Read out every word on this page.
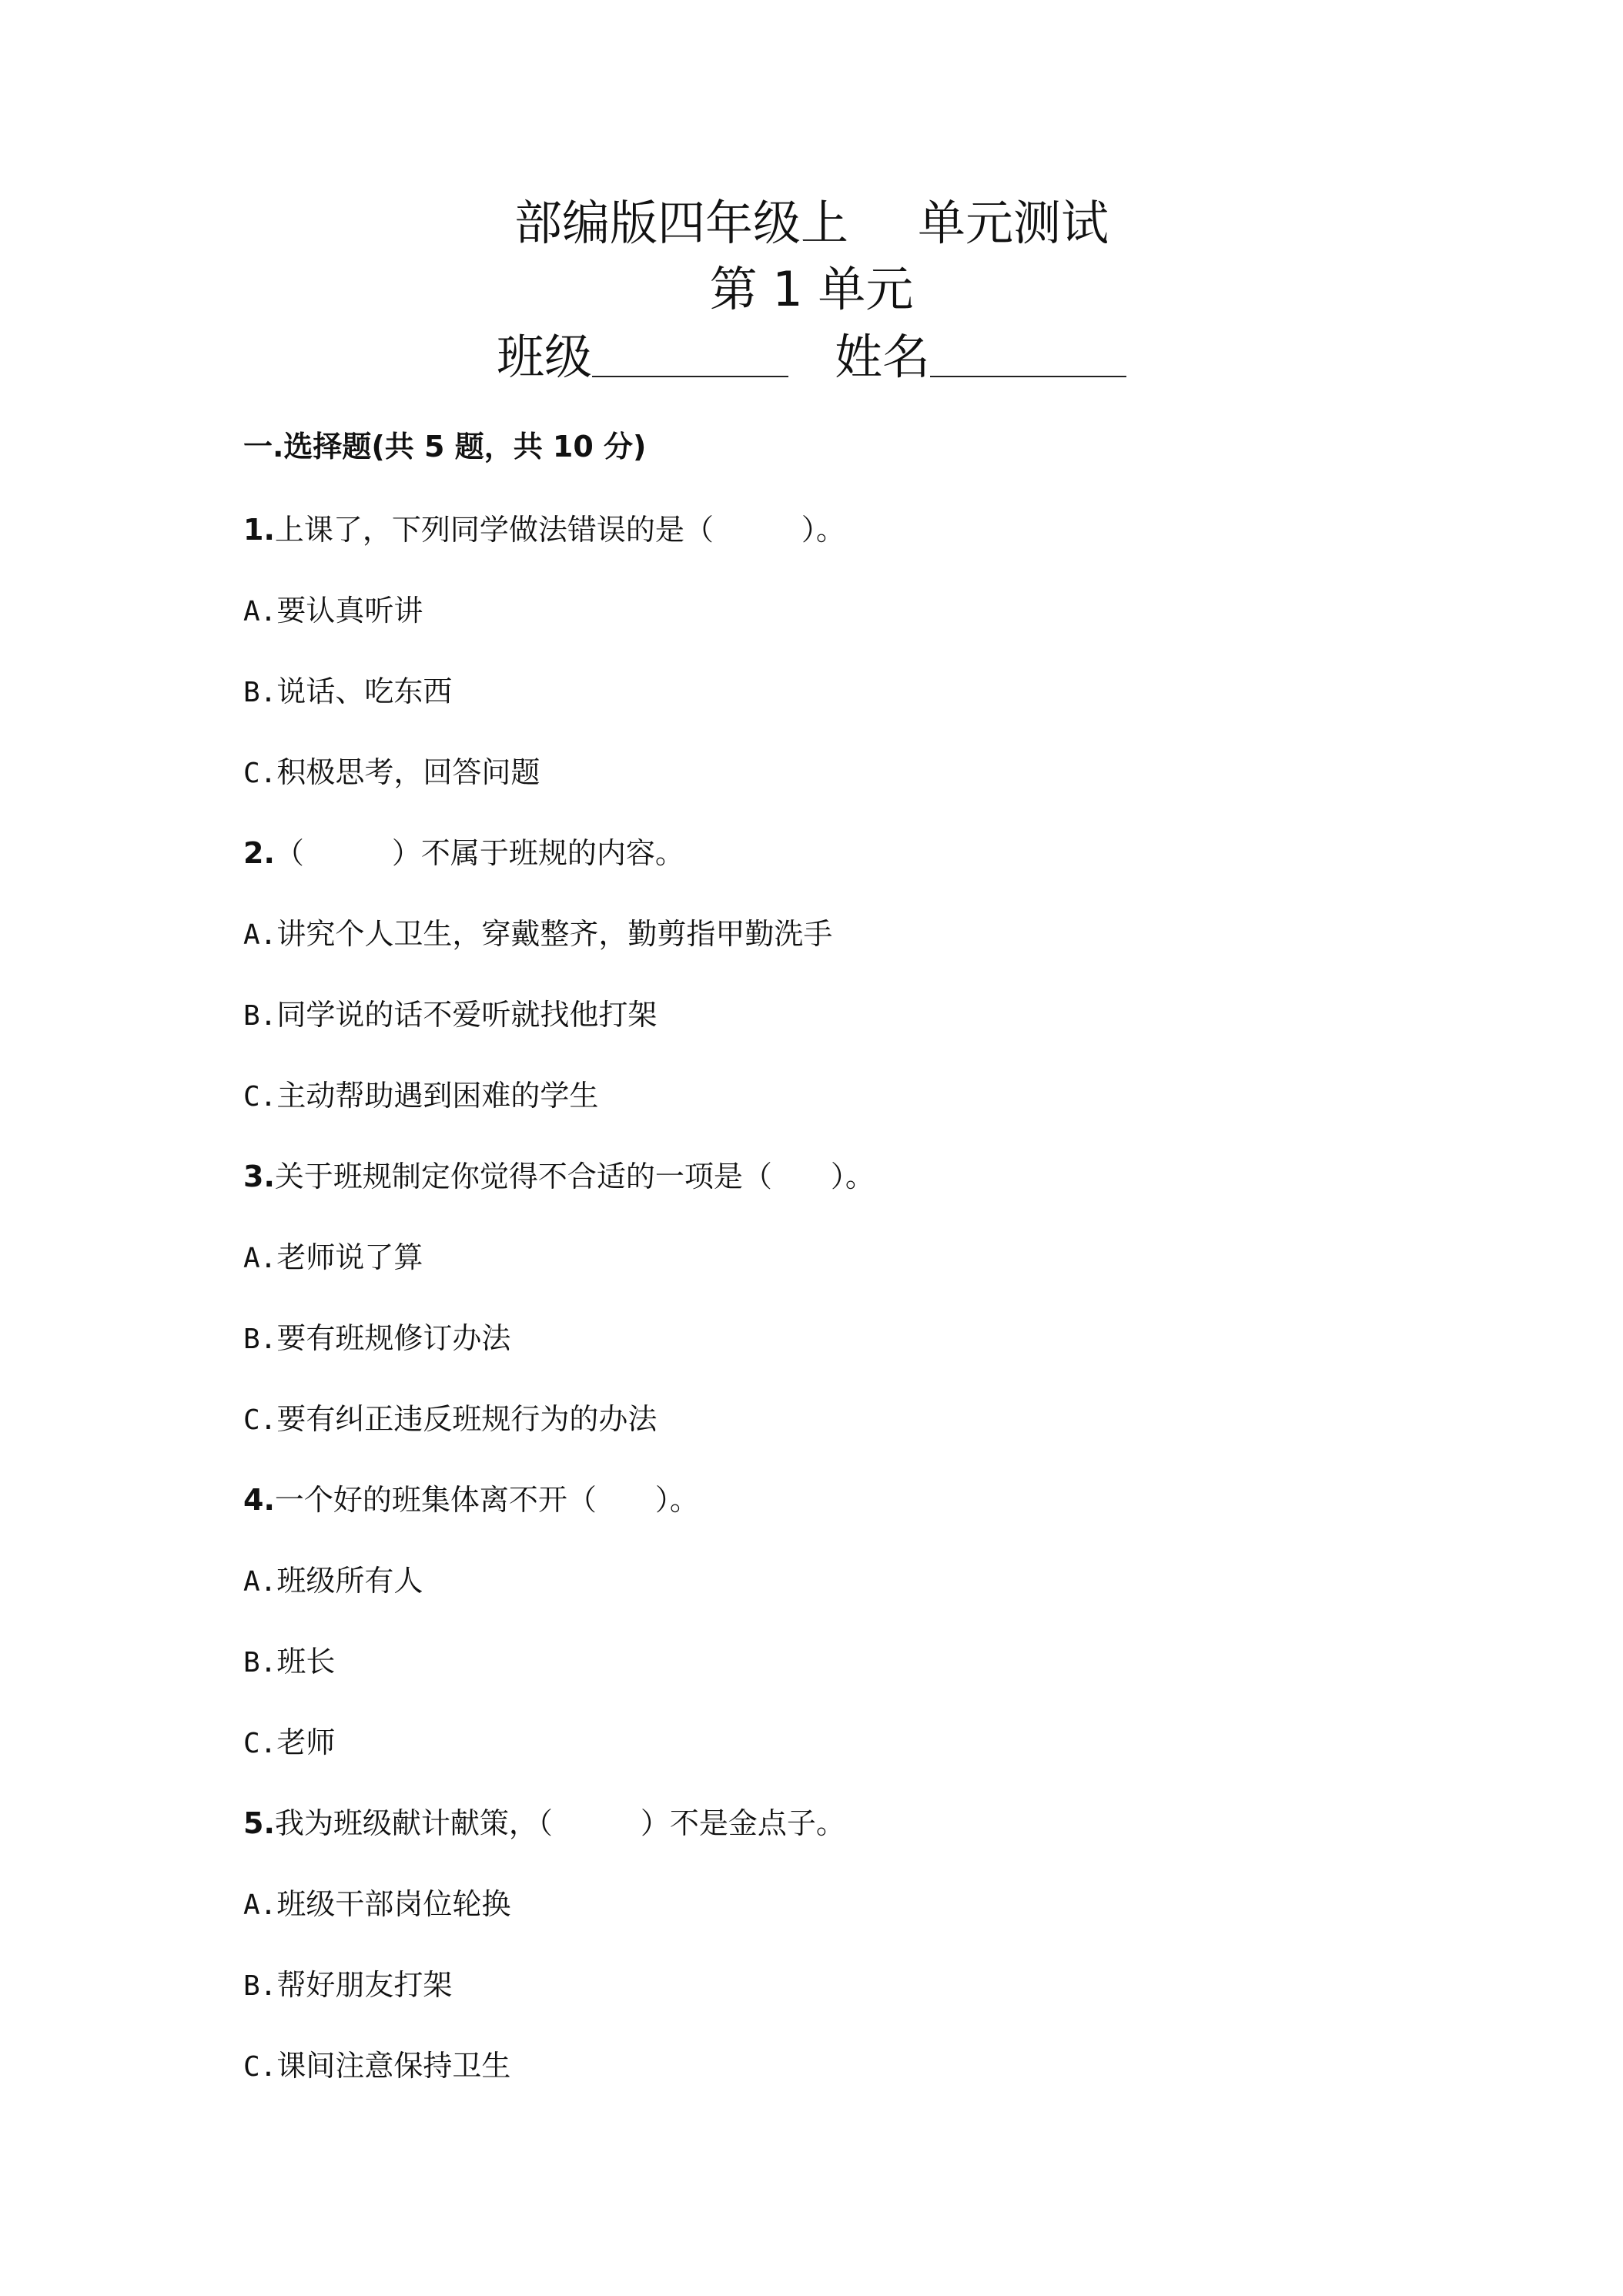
部编版四年级上 单元测试
第 1 单元
班级	姓名
一.选择题(共 5 题，共 10 分)
1.上课了，下列同学做法错误的是（　　　）。
A.要认真听讲
B.说话、吃东西
C.积极思考，回答问题
2.（　　　）不属于班规的内容。
A.讲究个人卫生，穿戴整齐，勤剪指甲勤洗手
B.同学说的话不爱听就找他打架
C.主动帮助遇到困难的学生
3.关于班规制定你觉得不合适的一项是（　　）。
A.老师说了算
B.要有班规修订办法
C.要有纠正违反班规行为的办法
4.一个好的班集体离不开（　　）。
A.班级所有人
B.班长
C.老师
5.我为班级献计献策，（　　　）不是金点子。
A.班级干部岗位轮换
B.帮好朋友打架
C.课间注意保持卫生
